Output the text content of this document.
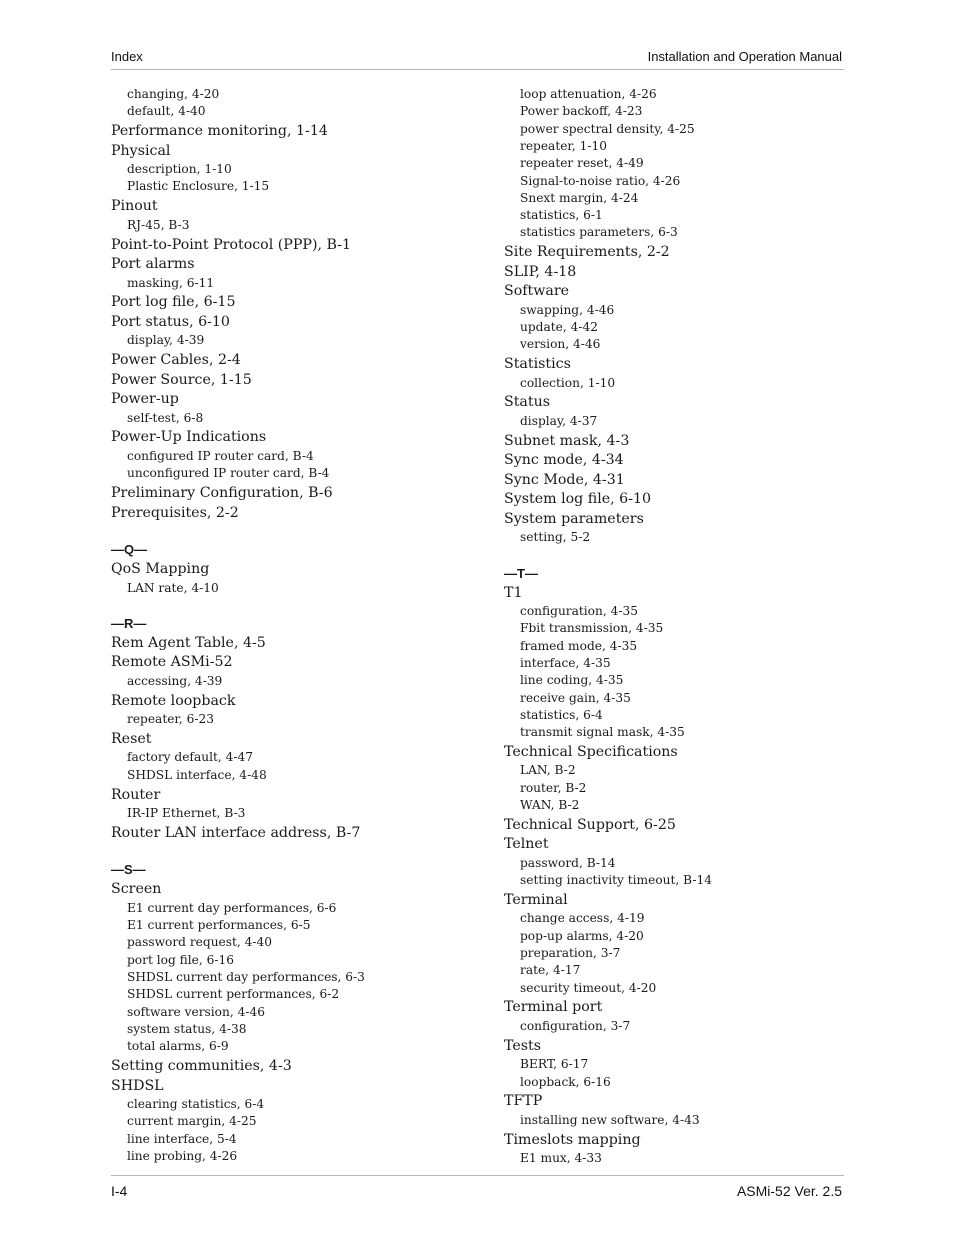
Index	Installation and Operation Manual
changing, 4-20
default, 4-40
Performance monitoring, 1-14
Physical
description, 1-10
Plastic Enclosure, 1-15
Pinout
RJ-45, B-3
Point-to-Point Protocol (PPP), B-1
Port alarms
masking, 6-11
Port log file, 6-15
Port status, 6-10
display, 4-39
Power Cables, 2-4
Power Source, 1-15
Power-up
self-test, 6-8
Power-Up Indications
configured IP router card, B-4
unconfigured IP router card, B-4
Preliminary Configuration, B-6
Prerequisites, 2-2
—Q—
QoS Mapping
LAN rate, 4-10
—R—
Rem Agent Table, 4-5
Remote ASMi-52
accessing, 4-39
Remote loopback
repeater, 6-23
Reset
factory default, 4-47
SHDSL interface, 4-48
Router
IR-IP Ethernet, B-3
Router LAN interface address, B-7
—S—
Screen
E1 current day performances, 6-6
E1 current performances, 6-5
password request, 4-40
port log file, 6-16
SHDSL current day performances, 6-3
SHDSL current performances, 6-2
software version, 4-46
system status, 4-38
total alarms, 6-9
Setting communities, 4-3
SHDSL
clearing statistics, 6-4
current margin, 4-25
line interface, 5-4
line probing, 4-26
loop attenuation, 4-26
Power backoff, 4-23
power spectral density, 4-25
repeater, 1-10
repeater reset, 4-49
Signal-to-noise ratio, 4-26
Snext margin, 4-24
statistics, 6-1
statistics parameters, 6-3
Site Requirements, 2-2
SLIP, 4-18
Software
swapping, 4-46
update, 4-42
version, 4-46
Statistics
collection, 1-10
Status
display, 4-37
Subnet mask, 4-3
Sync mode, 4-34
Sync Mode, 4-31
System log file, 6-10
System parameters
setting, 5-2
—T—
T1
configuration, 4-35
Fbit transmission, 4-35
framed mode, 4-35
interface, 4-35
line coding, 4-35
receive gain, 4-35
statistics, 6-4
transmit signal mask, 4-35
Technical Specifications
LAN, B-2
router, B-2
WAN, B-2
Technical Support, 6-25
Telnet
password, B-14
setting inactivity timeout, B-14
Terminal
change access, 4-19
pop-up alarms, 4-20
preparation, 3-7
rate, 4-17
security timeout, 4-20
Terminal port
configuration, 3-7
Tests
BERT, 6-17
loopback, 6-16
TFTP
installing new software, 4-43
Timeslots mapping
E1 mux, 4-33
I-4	ASMi-52 Ver. 2.5
